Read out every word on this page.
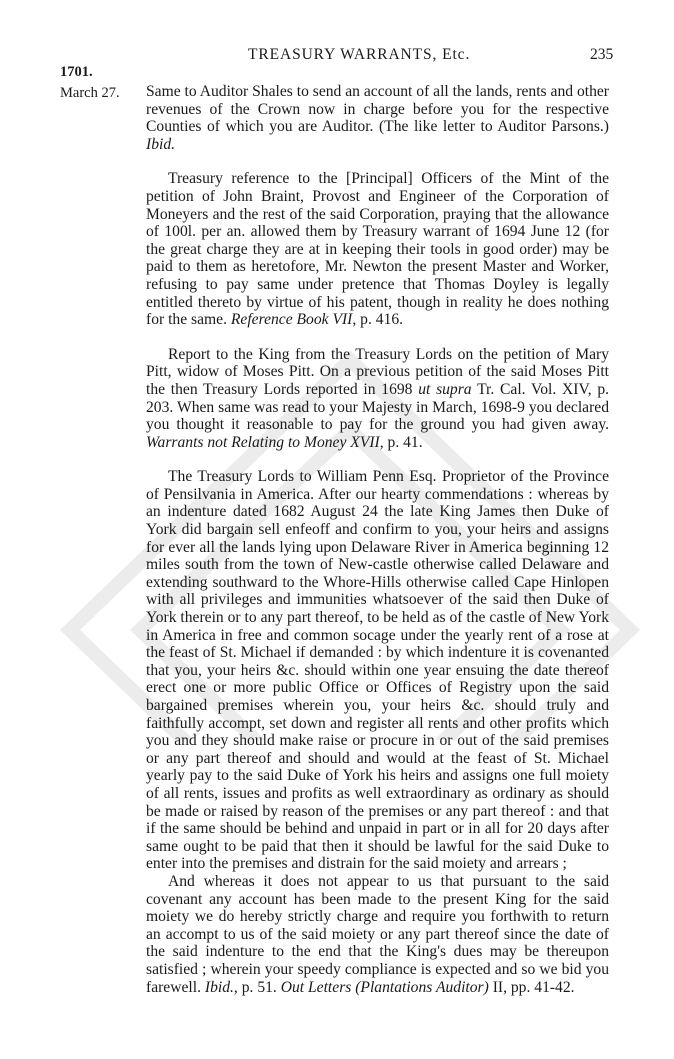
TREASURY WARRANTS, Etc.	235
1701.
March 27. Same to Auditor Shales to send an account of all the lands, rents and other revenues of the Crown now in charge before you for the respective Counties of which you are Auditor. (The like letter to Auditor Parsons.) Ibid.

Treasury reference to the [Principal] Officers of the Mint of the petition of John Braint, Provost and Engineer of the Corporation of Moneyers and the rest of the said Corporation, praying that the allowance of 100l. per an. allowed them by Treasury warrant of 1694 June 12 (for the great charge they are at in keeping their tools in good order) may be paid to them as heretofore, Mr. Newton the present Master and Worker, refusing to pay same under pretence that Thomas Doyley is legally entitled thereto by virtue of his patent, though in reality he does nothing for the same. Reference Book VII, p. 416.

Report to the King from the Treasury Lords on the petition of Mary Pitt, widow of Moses Pitt. On a previous petition of the said Moses Pitt the then Treasury Lords reported in 1698 ut supra Tr. Cal. Vol. XIV, p. 203. When same was read to your Majesty in March, 1698-9 you declared you thought it reasonable to pay for the ground you had given away. Warrants not Relating to Money XVII, p. 41.

The Treasury Lords to William Penn Esq. Proprietor of the Province of Pensilvania in America. After our hearty commendations : whereas by an indenture dated 1682 August 24 the late King James then Duke of York did bargain sell enfeoff and confirm to you, your heirs and assigns for ever all the lands lying upon Delaware River in America beginning 12 miles south from the town of New-castle otherwise called Delaware and extending southward to the Whore-Hills otherwise called Cape Hinlopen with all privileges and immunities whatsoever of the said then Duke of York therein or to any part thereof, to be held as of the castle of New York in America in free and common socage under the yearly rent of a rose at the feast of St. Michael if demanded : by which indenture it is covenanted that you, your heirs &c. should within one year ensuing the date thereof erect one or more public Office or Offices of Registry upon the said bargained premises wherein you, your heirs &c. should truly and faithfully accompt, set down and register all rents and other profits which you and they should make raise or procure in or out of the said premises or any part thereof and should and would at the feast of St. Michael yearly pay to the said Duke of York his heirs and assigns one full moiety of all rents, issues and profits as well extraordinary as ordinary as should be made or raised by reason of the premises or any part thereof : and that if the same should be behind and unpaid in part or in all for 20 days after same ought to be paid that then it should be lawful for the said Duke to enter into the premises and distrain for the said moiety and arrears ;

And whereas it does not appear to us that pursuant to the said covenant any account has been made to the present King for the said moiety we do hereby strictly charge and require you forthwith to return an accompt to us of the said moiety or any part thereof since the date of the said indenture to the end that the King's dues may be thereupon satisfied ; wherein your speedy compliance is expected and so we bid you farewell. Ibid., p. 51. Out Letters (Plantations Auditor) II, pp. 41-42.
